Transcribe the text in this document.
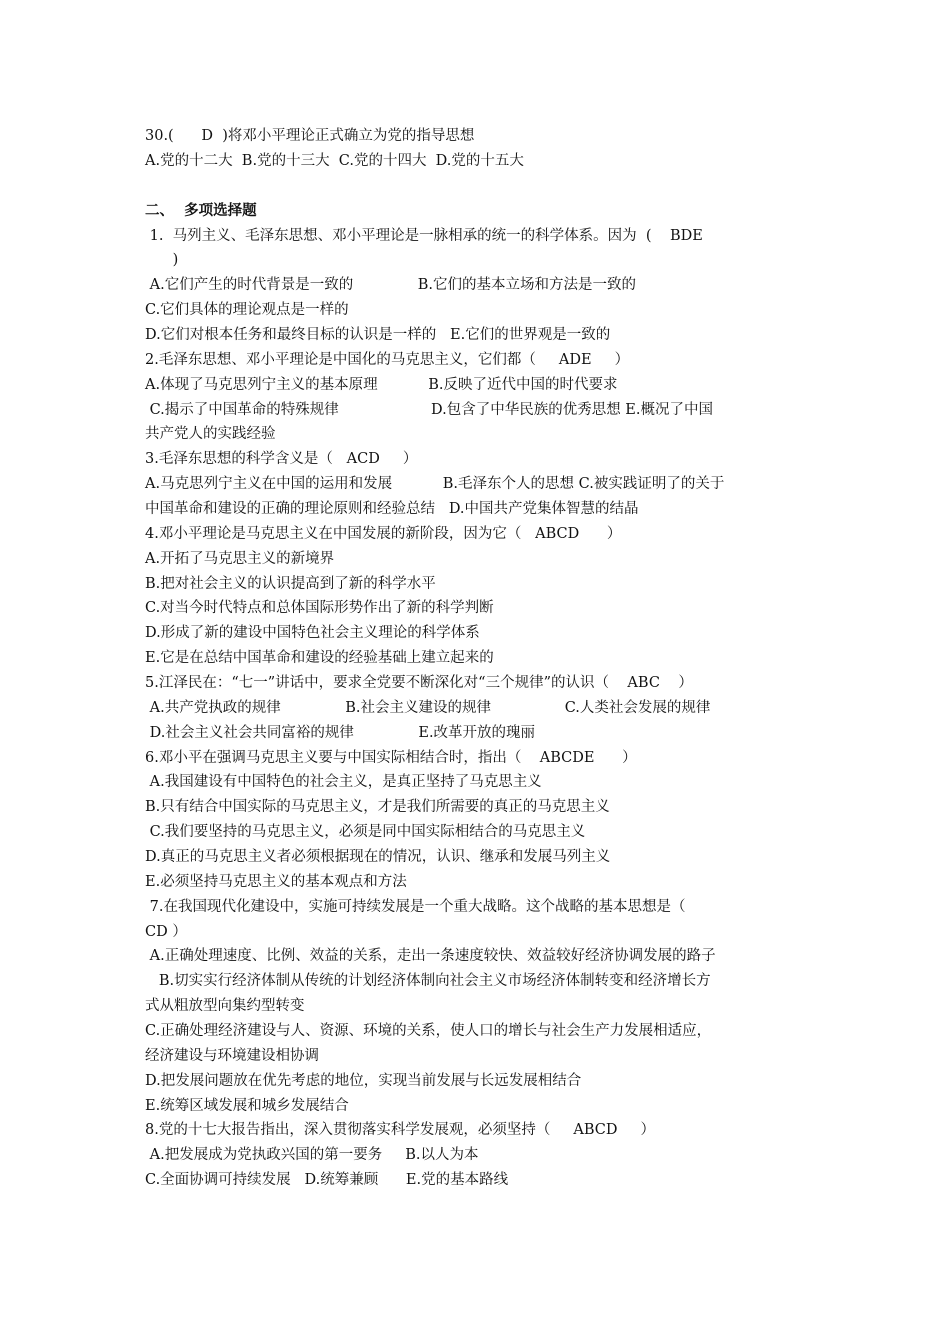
30.(      D  )将邓小平理论正式确立为党的指导思想
A.党的十二大  B.党的十三大  C.党的十四大  D.党的十五大
二、  多项选择题
1.  马列主义、毛泽东思想、邓小平理论是一脉相承的统一的科学体系。因为  (    BDE
)
A.它们产生的时代背景是一致的              B.它们的基本立场和方法是一致的
C.它们具体的理论观点是一样的
D.它们对根本任务和最终目标的认识是一样的   E.它们的世界观是一致的
2.毛泽东思想、邓小平理论是中国化的马克思主义，它们都（     ADE     ）
A.体现了马克思列宁主义的基本原理           B.反映了近代中国的时代要求
C.揭示了中国革命的特殊规律                    D.包含了中华民族的优秀思想 E.概况了中国
共产党人的实践经验
3.毛泽东思想的科学含义是（   ACD     ）
A.马克思列宁主义在中国的运用和发展           B.毛泽东个人的思想 C.被实践证明了的关于
中国革命和建设的正确的理论原则和经验总结   D.中国共产党集体智慧的结晶
4.邓小平理论是马克思主义在中国发展的新阶段，因为它（   ABCD      ）
A.开拓了马克思主义的新境界
B.把对社会主义的认识提高到了新的科学水平
C.对当今时代特点和总体国际形势作出了新的科学判断
D.形成了新的建设中国特色社会主义理论的科学体系
E.它是在总结中国革命和建设的经验基础上建立起来的
5.江泽民在：“七一”讲话中，要求全党要不断深化对“三个规律”的认识（    ABC    ）
A.共产党执政的规律              B.社会主义建设的规律                C.人类社会发展的规律
D.社会主义社会共同富裕的规律              E.改革开放的瑰丽
6.邓小平在强调马克思主义要与中国实际相结合时，指出（    ABCDE      ）
A.我国建设有中国特色的社会主义，是真正坚持了马克思主义
B.只有结合中国实际的马克思主义，才是我们所需要的真正的马克思主义
C.我们要坚持的马克思主义，必须是同中国实际相结合的马克思主义
D.真正的马克思主义者必须根据现在的情况，认识、继承和发展马列主义
E.必须坚持马克思主义的基本观点和方法
7.在我国现代化建设中，实施可持续发展是一个重大战略。这个战略的基本思想是（
CD ）
A.正确处理速度、比例、效益的关系，走出一条速度较快、效益较好经济协调发展的路子
B.切实实行经济体制从传统的计划经济体制向社会主义市场经济体制转变和经济增长方
式从粗放型向集约型转变
C.正确处理经济建设与人、资源、环境的关系，使人口的增长与社会生产力发展相适应，
经济建设与环境建设相协调
D.把发展问题放在优先考虑的地位，实现当前发展与长远发展相结合
E.统筹区域发展和城乡发展结合
8.党的十七大报告指出，深入贯彻落实科学发展观，必须坚持（     ABCD     ）
A.把发展成为党执政兴国的第一要务     B.以人为本
C.全面协调可持续发展   D.统筹兼顾      E.党的基本路线
